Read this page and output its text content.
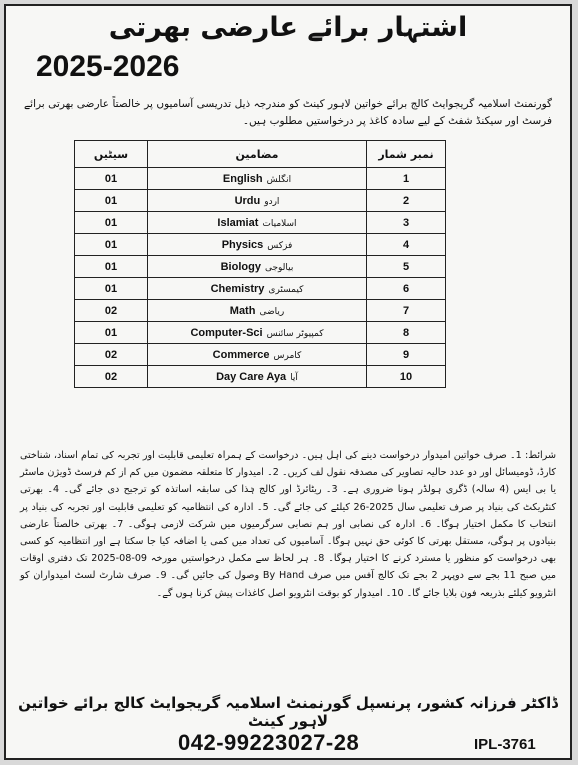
اشتہار برائے عارضی بھرتی
2025-2026
گورنمنٹ اسلامیہ گریجوایٹ کالج برائے خواتین لاہور کینٹ کو مندرجہ ذیل تدریسی آسامیوں پر خالصتاً عارضی بھرتی برائے فرسٹ اور سیکنڈ شفٹ کے لیے سادہ کاغذ پر درخواستیں مطلوب ہیں۔
سیٹیں	مضامین	نمبر شمار
01	English انگلش	1
01	Urdu اردو	2
01	Islamiat اسلامیات	3
01	Physics فزکس	4
01	Biology بیالوجی	5
01	Chemistry کیمسٹری	6
02	Math ریاضی	7
01	Computer-Sci کمپیوٹر سائنس	8
02	Commerce کامرس	9
02	Day Care Aya آیا	10
شرائط: 1۔ صرف خواتین امیدوار درخواست دینے کی اہل ہیں۔ درخواست کے ہمراہ تعلیمی قابلیت اور تجربہ کی تمام اسناد، شناختی کارڈ، ڈومیسائل اور دو عدد حالیہ تصاویر کی مصدقہ نقول لف کریں۔ 2۔ امیدوار کا متعلقہ مضمون میں کم از کم فرسٹ ڈویژن ماسٹر یا بی ایس (4 سالہ) ڈگری ہولڈر ہونا ضروری ہے۔ 3۔ ریٹائرڈ اور کالج ہٰذا کی سابقہ اساتذہ کو ترجیح دی جائے گی۔ 4۔ بھرتی کنٹریکٹ کی بنیاد پر صرف تعلیمی سال 2025-26 کیلئے کی جائے گی۔ 5۔ ادارہ کی انتظامیہ کو تعلیمی قابلیت اور تجربہ کی بنیاد پر انتخاب کا مکمل اختیار ہوگا۔ 6۔ ادارہ کی نصابی اور ہم نصابی سرگرمیوں میں شرکت لازمی ہوگی۔ 7۔ بھرتی خالصتاً عارضی بنیادوں پر ہوگی، مستقل بھرتی کا کوئی حق نہیں ہوگا۔ آسامیوں کی تعداد میں کمی یا اضافہ کیا جا سکتا ہے اور انتظامیہ کو کسی بھی درخواست کو منظور یا مسترد کرنے کا اختیار ہوگا۔ 8۔ ہر لحاظ سے مکمل درخواستیں مورخہ 09-08-2025 تک دفتری اوقات میں صبح 11 بجے سے دوپہر 2 بجے تک کالج آفس میں صرف By Hand وصول کی جائیں گی۔ 9۔ صرف شارٹ لسٹ امیدواران کو انٹرویو کیلئے بذریعہ فون بلایا جائے گا۔ 10۔ امیدوار کو بوقت انٹرویو اصل کاغذات پیش کرنا ہوں گے۔
ڈاکٹر فرزانہ کشور، پرنسپل گورنمنٹ اسلامیہ گریجوایٹ کالج برائے خواتین لاہور کینٹ
042-99223027-28	IPL-3761
